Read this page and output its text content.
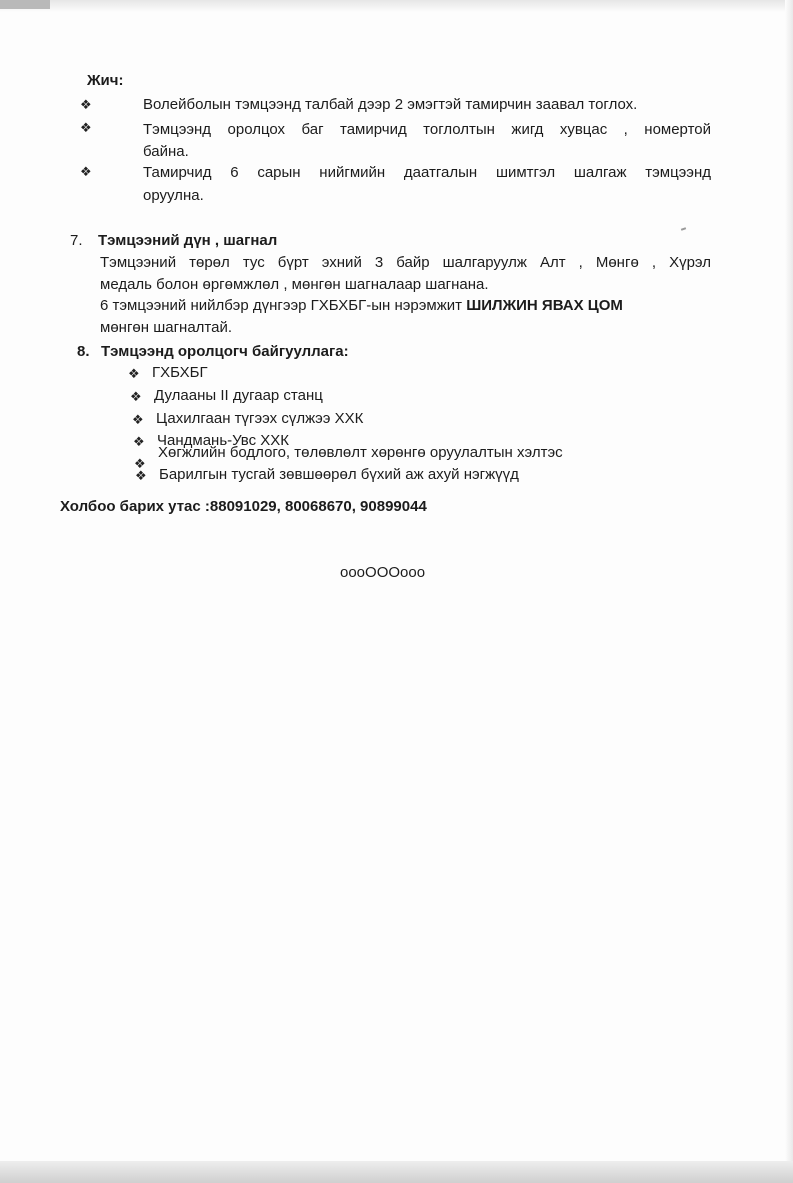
Жич:
❖	Волейболын тэмцээнд талбай дээр 2 эмэгтэй тамирчин заавал тоглох.
❖	Тэмцээнд оролцох баг тамирчид тоглолтын жигд хувцас , номертой
байна.
❖	Тамирчид 6 сарын нийгмийн даатгалын шимтгэл шалгаж тэмцээнд
оруулна.
7. Тэмцээний дүн , шагнал
Тэмцээний төрөл тус бүрт эхний 3 байр шалгаруулж Алт , Мөнгө , Хүрэл
медаль болон өргөмжлөл , мөнгөн шагналаар шагнана.
6 тэмцээний нийлбэр дүнгээр ГХБХБГ-ын нэрэмжит ШИЛЖИН ЯВАХ ЦОМ
мөнгөн шагналтай.
8. Тэмцээнд оролцогч байгууллага:
❖ ГХБХБГ
❖ Дулааны II дугаар станц
❖ Цахилгаан түгээх сүлжээ ХХК
❖ Чандмань-Увс ХХК
❖
Хөгжлийн бодлого, төлөвлөлт хөрөнгө оруулалтын хэлтэс
❖ Барилгын тусгай зөвшөөрөл бүхий аж ахуй нэгжүүд
Холбоо барих утас :88091029, 80068670, 90899044
oooOOOooo
